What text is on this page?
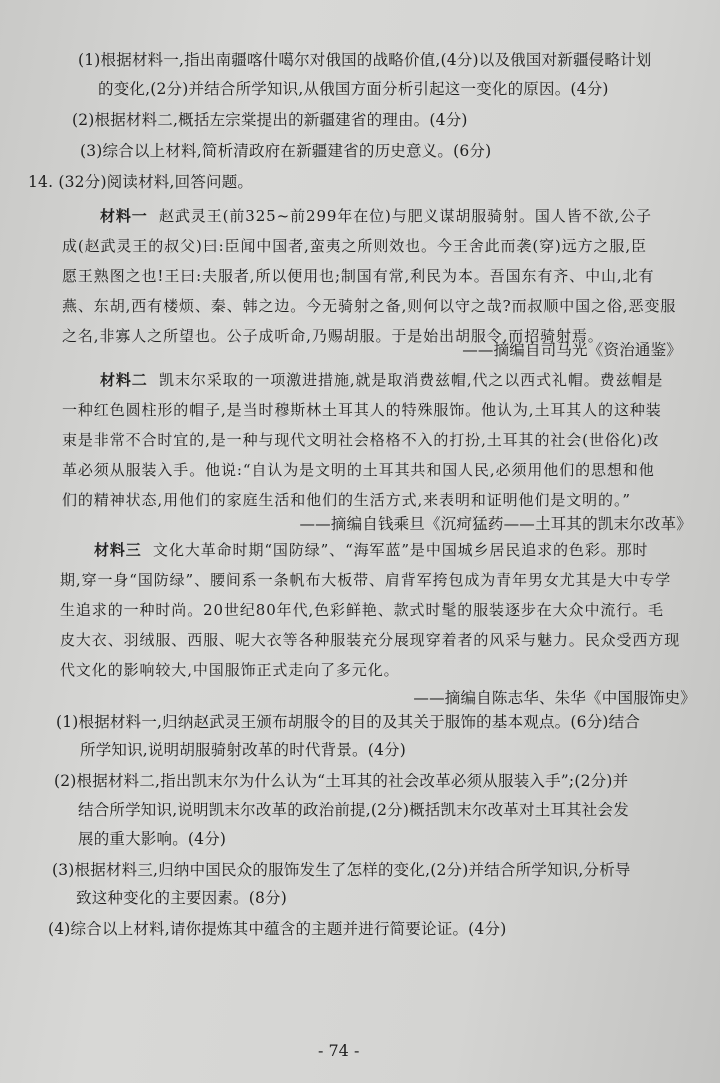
(1)根据材料一,指出南疆喀什噶尔对俄国的战略价值,(4分)以及俄国对新疆侵略计划
的变化,(2分)并结合所学知识,从俄国方面分析引起这一变化的原因。(4分)
(2)根据材料二,概括左宗棠提出的新疆建省的理由。(4分)
(3)综合以上材料,简析清政府在新疆建省的历史意义。(6分)
14. (32分)阅读材料,回答问题。
材料一 赵武灵王(前325~前299年在位)与肥义谋胡服骑射。国人皆不欲,公子
成(赵武灵王的叔父)曰:臣闻中国者,蛮夷之所则效也。今王舍此而袭(穿)远方之服,臣
愿王熟图之也!王曰:夫服者,所以便用也;制国有常,利民为本。吾国东有齐、中山,北有
燕、东胡,西有楼烦、秦、韩之边。今无骑射之备,则何以守之哉?而叔顺中国之俗,恶变服
之名,非寡人之所望也。公子成听命,乃赐胡服。于是始出胡服令,而招骑射焉。
——摘编自司马光《资治通鉴》
材料二 凯末尔采取的一项激进措施,就是取消费兹帽,代之以西式礼帽。费兹帽是
一种红色圆柱形的帽子,是当时穆斯林土耳其人的特殊服饰。他认为,土耳其人的这种装
束是非常不合时宜的,是一种与现代文明社会格格不入的打扮,土耳其的社会(世俗化)改
革必须从服装入手。他说:“自认为是文明的土耳其共和国人民,必须用他们的思想和他
们的精神状态,用他们的家庭生活和他们的生活方式,来表明和证明他们是文明的。”
——摘编自钱乘旦《沉疴猛药——土耳其的凯末尔改革》
材料三 文化大革命时期“国防绿”、“海军蓝”是中国城乡居民追求的色彩。那时
期,穿一身“国防绿”、腰间系一条帆布大板带、肩背军挎包成为青年男女尤其是大中专学
生追求的一种时尚。20世纪80年代,色彩鲜艳、款式时髦的服装逐步在大众中流行。毛
皮大衣、羽绒服、西服、呢大衣等各种服装充分展现穿着者的风采与魅力。民众受西方现
代文化的影响较大,中国服饰正式走向了多元化。
——摘编自陈志华、朱华《中国服饰史》
(1)根据材料一,归纳赵武灵王颁布胡服令的目的及其关于服饰的基本观点。(6分)结合
所学知识,说明胡服骑射改革的时代背景。(4分)
(2)根据材料二,指出凯末尔为什么认为“土耳其的社会改革必须从服装入手”;(2分)并
结合所学知识,说明凯末尔改革的政治前提,(2分)概括凯末尔改革对土耳其社会发
展的重大影响。(4分)
(3)根据材料三,归纳中国民众的服饰发生了怎样的变化,(2分)并结合所学知识,分析导
致这种变化的主要因素。(8分)
(4)综合以上材料,请你提炼其中蕴含的主题并进行简要论证。(4分)
- 74 -
